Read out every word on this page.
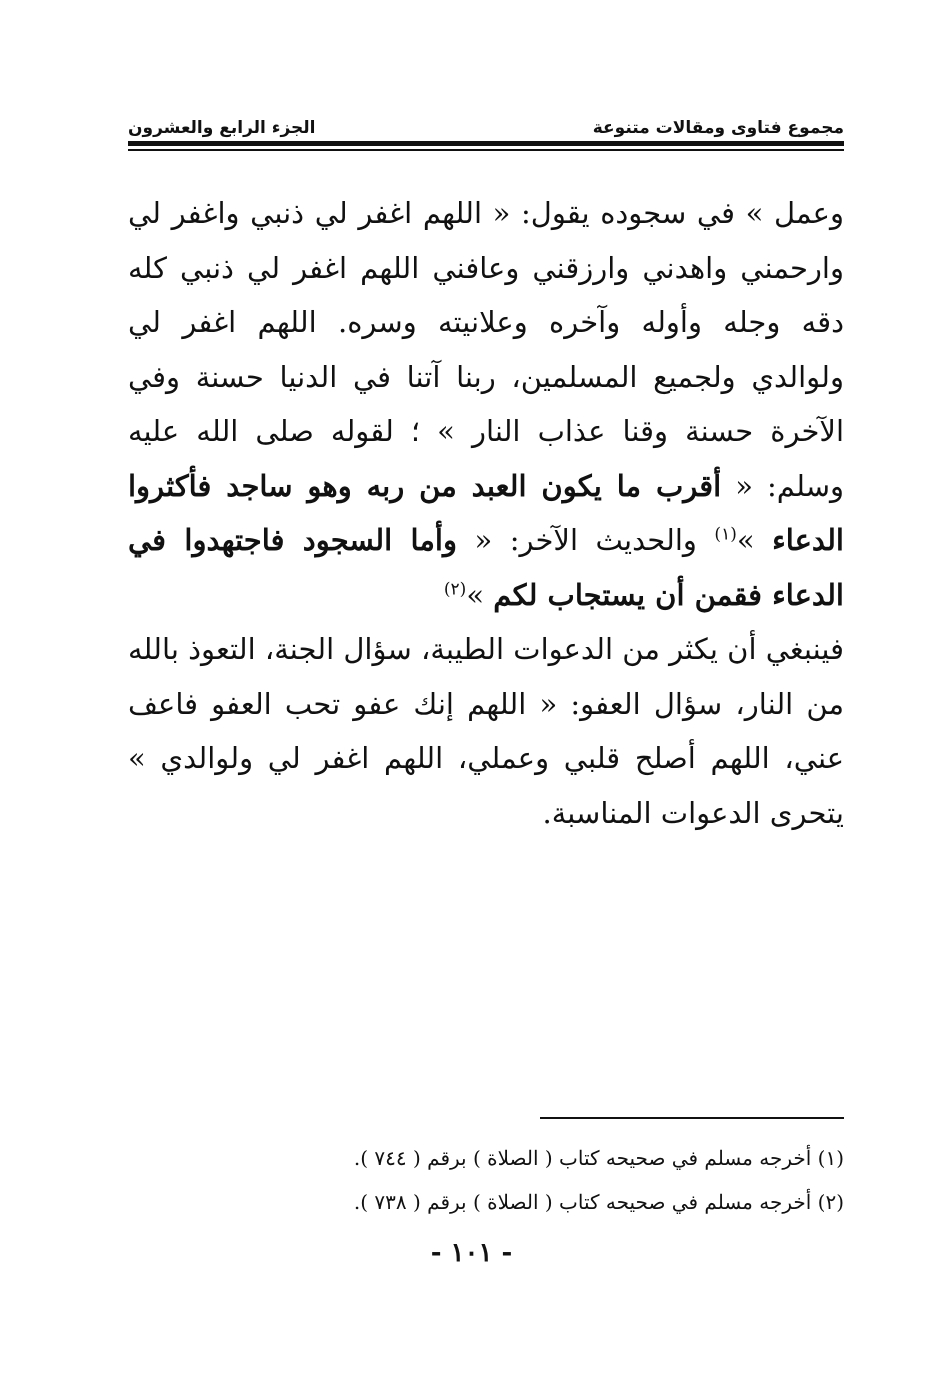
مجموع فتاوى ومقالات متنوعة
الجزء الرابع والعشرون

وعمل » في سجوده يقول: « اللهم اغفر لي ذنبي واغفر لي وارحمني واهدني وارزقني وعافني اللهم اغفر لي ذنبي كله دقه وجله وأوله وآخره وعلانيته وسره. اللهم اغفر لي ولوالدي ولجميع المسلمين، ربنا آتنا في الدنيا حسنة وفي الآخرة حسنة وقنا عذاب النار » ؛ لقوله صلى الله عليه وسلم: « أقرب ما يكون العبد من ربه وهو ساجد فأكثروا الدعاء »$^{(١)}$ والحديث الآخر: « وأما السجود فاجتهدوا في الدعاء فقمن أن يستجاب لكم »$^{(٢)}$

فينبغي أن يكثر من الدعوات الطيبة، سؤال الجنة، التعوذ بالله من النار، سؤال العفو: « اللهم إنك عفو تحب العفو فاعف عني، اللهم أصلح قلبي وعملي، اللهم اغفر لي ولوالدي » يتحرى الدعوات المناسبة.

(١) أخرجه مسلم في صحيحه كتاب ( الصلاة ) برقم ( ٧٤٤ ).
(٢) أخرجه مسلم في صحيحه كتاب ( الصلاة ) برقم ( ٧٣٨ ).
- ١٠١ -
